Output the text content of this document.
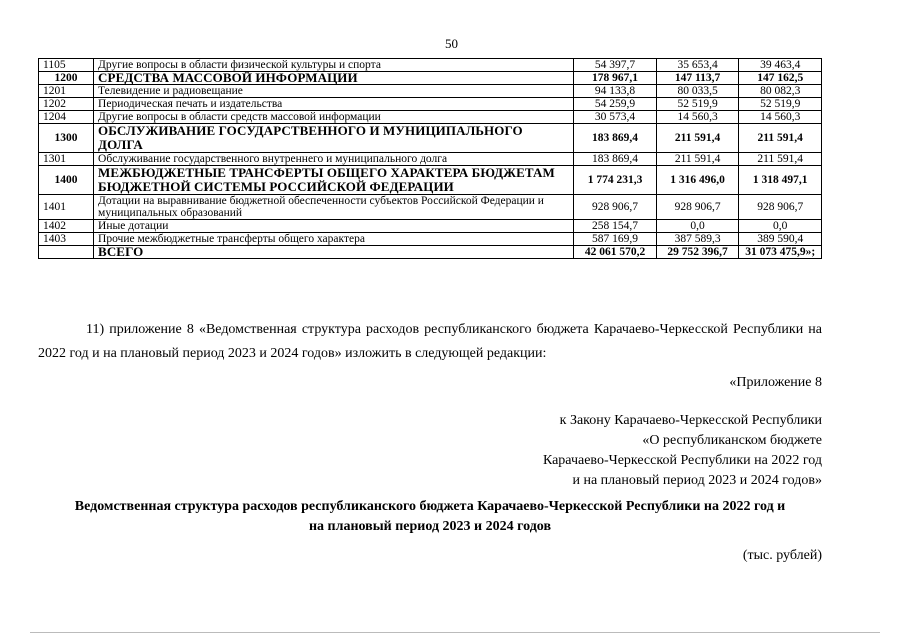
50
1105	Другие вопросы в области физической культуры и спорта	54 397,7	35 653,4	39 463,4
1200	СРЕДСТВА МАССОВОЙ ИНФОРМАЦИИ	178 967,1	147 113,7	147 162,5
1201	Телевидение и радиовещание	94 133,8	80 033,5	80 082,3
1202	Периодическая печать и издательства	54 259,9	52 519,9	52 519,9
1204	Другие вопросы в области средств массовой информации	30 573,4	14 560,3	14 560,3
1300	ОБСЛУЖИВАНИЕ ГОСУДАРСТВЕННОГО И МУНИЦИПАЛЬНОГО ДОЛГА	183 869,4	211 591,4	211 591,4
1301	Обслуживание государственного внутреннего и муниципального долга	183 869,4	211 591,4	211 591,4
1400	МЕЖБЮДЖЕТНЫЕ ТРАНСФЕРТЫ ОБЩЕГО ХАРАКТЕРА БЮДЖЕТАМ БЮДЖЕТНОЙ СИСТЕМЫ РОССИЙСКОЙ ФЕДЕРАЦИИ	1 774 231,3	1 316 496,0	1 318 497,1
1401	Дотации на выравнивание бюджетной обеспеченности субъектов Российской Федерации и муниципальных образований	928 906,7	928 906,7	928 906,7
1402	Иные дотации	258 154,7	0,0	0,0
1403	Прочие межбюджетные трансферты общего характера	587 169,9	387 589,3	389 590,4
	ВСЕГО	42 061 570,2	29 752 396,7	31 073 475,9»;
11) приложение 8 «Ведомственная структура расходов республиканского бюджета Карачаево-Черкесской Республики на 2022 год и на плановый период 2023 и 2024 годов» изложить в следующей редакции:
«Приложение 8
к Закону Карачаево-Черкесской Республики
«О республиканском бюджете
Карачаево-Черкесской Республики на 2022 год
и на плановый период 2023 и 2024 годов»
Ведомственная структура расходов республиканского бюджета Карачаево-Черкесской Республики на 2022 год и
на плановый период 2023 и 2024 годов
(тыс. рублей)
